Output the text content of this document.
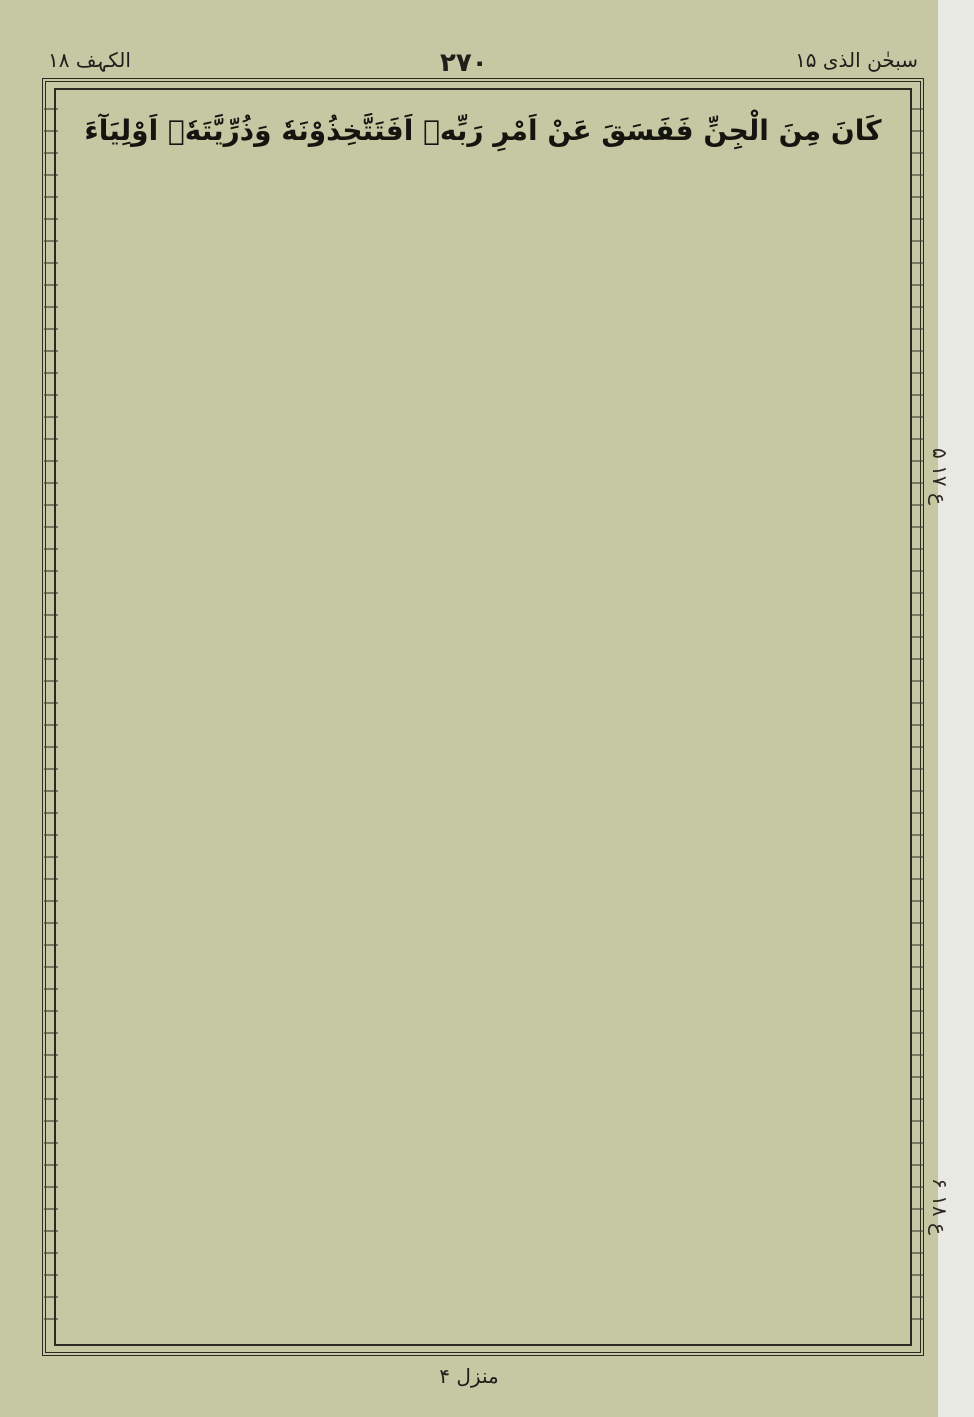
الکہف ۱۸	۲۷۰	سبحٰن الذی ۱۵
كَانَ مِنَ الْجِنِّ فَفَسَقَ عَنْ اَمْرِ رَبِّهٖ اَفَتَتَّخِذُوْنَهٗ وَذُرِّیَّتَهٗۤ اَوْلِیَآءَ
۵ ع ۱۷
۶ ع ۱۸
منزل ۴
